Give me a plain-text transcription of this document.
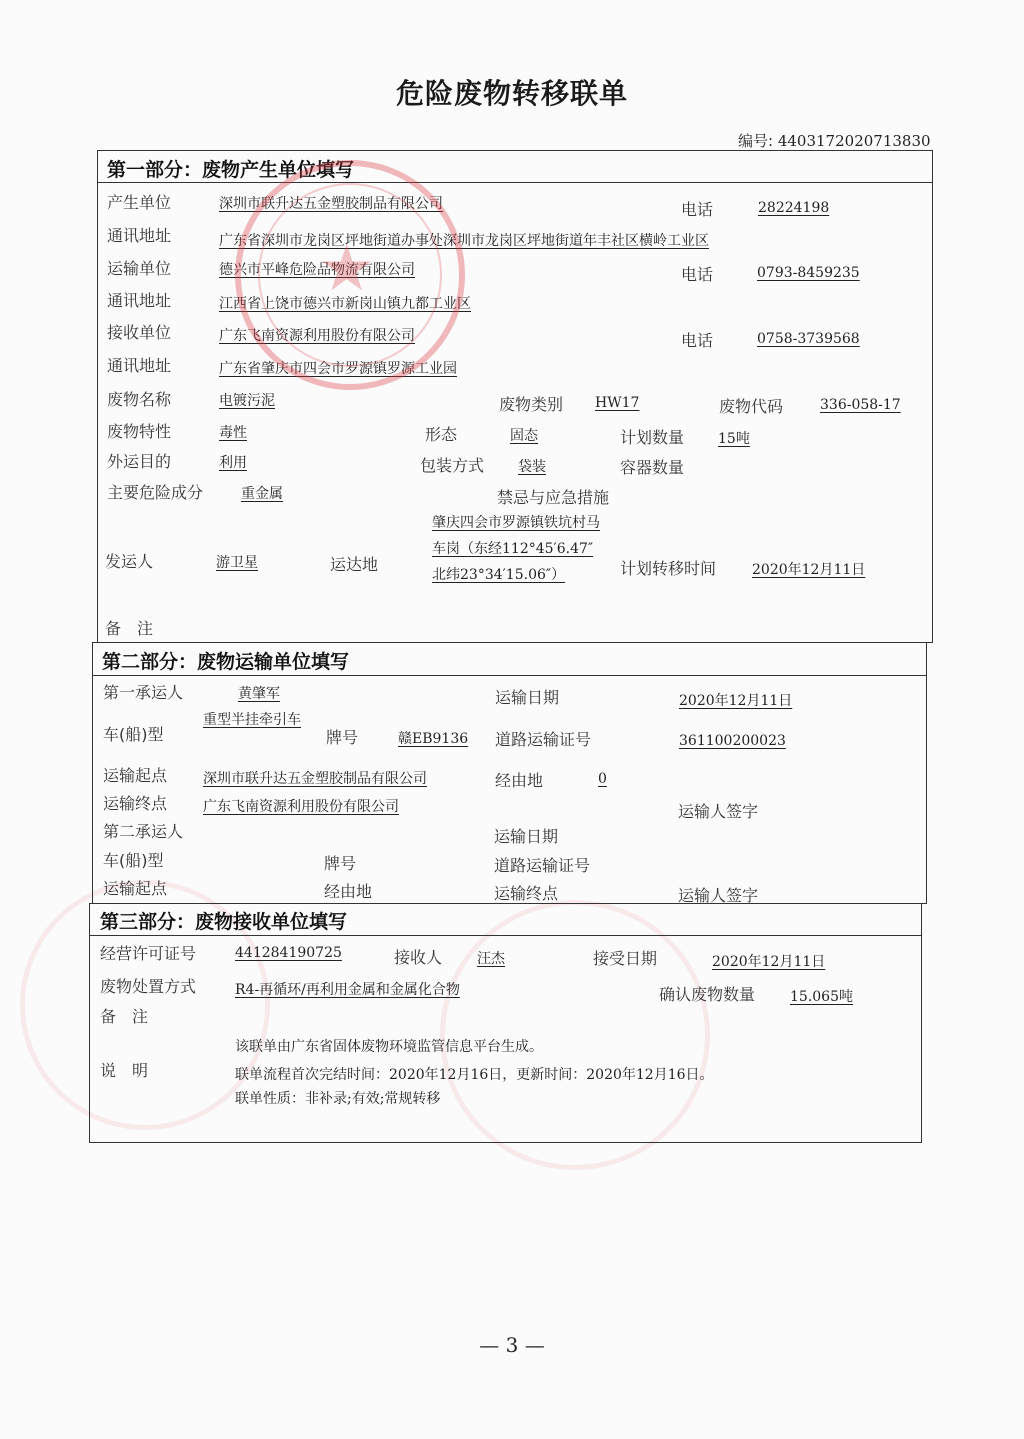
危险废物转移联单
编号: 4403172020713830
第一部分：废物产生单位填写
产生单位	深圳市联升达五金塑胶制品有限公司	电话	28224198
通讯地址	广东省深圳市龙岗区坪地街道办事处深圳市龙岗区坪地街道年丰社区横岭工业区
运输单位	德兴市平峰危险品物流有限公司	电话	0793-8459235
通讯地址	江西省上饶市德兴市新岗山镇九都工业区
接收单位	广东飞南资源利用股份有限公司	电话	0758-3739568
通讯地址	广东省肇庆市四会市罗源镇罗源工业园
废物名称	电镀污泥	废物类别 HW17	废物代码	336-058-17
废物特性	毒性	形态	固态	计划数量 15吨
外运目的	利用	包装方式 袋装	容器数量
主要危险成分	重金属	禁忌与应急措施
发运人	游卫星	运达地
肇庆四会市罗源镇铁坑村马车岗（东经112°45′6.47″ 北纬23°34′15.06″）	计划转移时间	2020年12月11日
备　注
★
第二部分：废物运输单位填写
第一承运人	黄肇军	运输日期	2020年12月11日
车(船)型
重型半挂牵引车
牌号	赣EB9136 道路运输证号	361100200023
运输起点	深圳市联升达五金塑胶制品有限公司	经由地	0
运输终点	广东飞南资源利用股份有限公司	运输人签字
第二承运人	运输日期
车(船)型	牌号	道路运输证号
运输起点	经由地	运输终点	运输人签字
第三部分：废物接收单位填写
经营许可证号	441284190725	接收人 汪杰	接受日期	2020年12月11日
废物处置方式	R4-再循环/再利用金属和金属化合物	确认废物数量 15.065吨
备　注
该联单由广东省固体废物环境监管信息平台生成。
说　明	联单流程首次完结时间：2020年12月16日，更新时间：2020年12月16日。
联单性质：非补录;有效;常规转移
— 3 —
